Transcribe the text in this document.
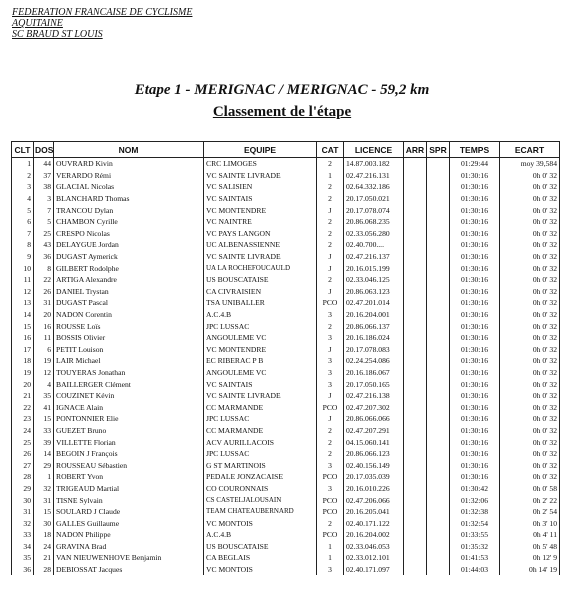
FEDERATION FRANCAISE DE CYCLISME
AQUITAINE
SC BRAUD ST LOUIS
Etape 1 - MERIGNAC / MERIGNAC - 59,2 km
Classement de l'étape
CLT	DOS	NOM	EQUIPE	CAT	LICENCE	ARR	SPR	TEMPS	ECART
1	44	OUVRARD Kivin	CRC LIMOGES	2	14.87.003.182			01:29:44	moy 39,584
2	37	VERARDO Rémi	VC SAINTE LIVRADE	1	02.47.216.131			01:30:16	0h 0' 32
3	38	GLACIAL Nicolas	VC SALISIEN	2	02.64.332.186			01:30:16	0h 0' 32
4	3	BLANCHARD Thomas	VC SAINTAIS	2	20.17.050.021			01:30:16	0h 0' 32
5	7	TRANCOU Dylan	VC MONTENDRE	J	20.17.078.074			01:30:16	0h 0' 32
6	5	CHAMBON Cyrille	VC NAINTRE	2	20.86.068.235			01:30:16	0h 0' 32
7	25	CRESPO Nicolas	VC PAYS LANGON	2	02.33.056.280			01:30:16	0h 0' 32
8	43	DELAYGUE Jordan	UC ALBENASSIENNE	2	02.40.700....			01:30:16	0h 0' 32
9	36	DUGAST Aymerick	VC SAINTE LIVRADE	J	02.47.216.137			01:30:16	0h 0' 32
10	8	GILBERT Rodolphe	UA LA ROCHEFOUCAULD	J	20.16.015.199			01:30:16	0h 0' 32
11	22	ARTIGA Alexandre	US BOUSCATAISE	2	02.33.046.125			01:30:16	0h 0' 32
12	26	DANIEL Trystan	CA CIVRAISIEN	J	20.86.063.123			01:30:16	0h 0' 32
13	31	DUGAST Pascal	TSA UNIBALLER	PCO	02.47.201.014			01:30:16	0h 0' 32
14	20	NADON Corentin	A.C.4.B	3	20.16.204.001			01:30:16	0h 0' 32
15	16	ROUSSE Loïs	JPC LUSSAC	2	20.86.066.137			01:30:16	0h 0' 32
16	11	BOSSIS Olivier	ANGOULEME VC	3	20.16.186.024			01:30:16	0h 0' 32
17	6	PETIT Louison	VC MONTENDRE	J	20.17.078.083			01:30:16	0h 0' 32
18	19	LAIR Michael	EC RIBERAC P B	3	02.24.254.086			01:30:16	0h 0' 32
19	12	TOUYERAS Jonathan	ANGOULEME VC	3	20.16.186.067			01:30:16	0h 0' 32
20	4	BAILLERGER Clément	VC SAINTAIS	3	20.17.050.165			01:30:16	0h 0' 32
21	35	COUZINET Kévin	VC SAINTE LIVRADE	J	02.47.216.138			01:30:16	0h 0' 32
22	41	IGNACE Alain	CC MARMANDE	PCO	02.47.207.302			01:30:16	0h 0' 32
23	15	PONTONNIER Elie	JPC LUSSAC	J	20.86.066.066			01:30:16	0h 0' 32
24	33	GUEZET Bruno	CC MARMANDE	2	02.47.207.291			01:30:16	0h 0' 32
25	39	VILLETTE Florian	ACV AURILLACOIS	2	04.15.060.141			01:30:16	0h 0' 32
26	14	BEGOIN J François	JPC LUSSAC	2	20.86.066.123			01:30:16	0h 0' 32
27	29	ROUSSEAU Sébastien	G ST MARTINOIS	3	02.40.156.149			01:30:16	0h 0' 32
28	1	ROBERT Yvon	PEDALE JONZACAISE	PCO	20.17.035.039			01:30:16	0h 0' 32
29	32	TRIGEAUD Martial	CO COURONNAIS	3	20.16.010.226			01:30:42	0h 0' 58
30	31	TISNE Sylvain	CS CASTELJALOUSAIN	PCO	02.47.206.066			01:32:06	0h 2' 22
31	15	SOULARD J Claude	TEAM CHATEAUBERNARD	PCO	20.16.205.041			01:32:38	0h 2' 54
32	30	GALLES Guillaume	VC MONTOIS	2	02.40.171.122			01:32:54	0h 3' 10
33	18	NADON Philippe	A.C.4.B	PCO	20.16.204.002			01:33:55	0h 4' 11
34	24	GRAVINA Brad	US BOUSCATAISE	1	02.33.046.053			01:35:32	0h 5' 48
35	21	VAN NIEUWENHOVE Benjamin	CA BEGLAIS	1	02.33.012.101			01:41:53	0h 12' 9
36	28	DEBIOSSAT Jacques	VC MONTOIS	3	02.40.171.097			01:44:03	0h 14' 19
